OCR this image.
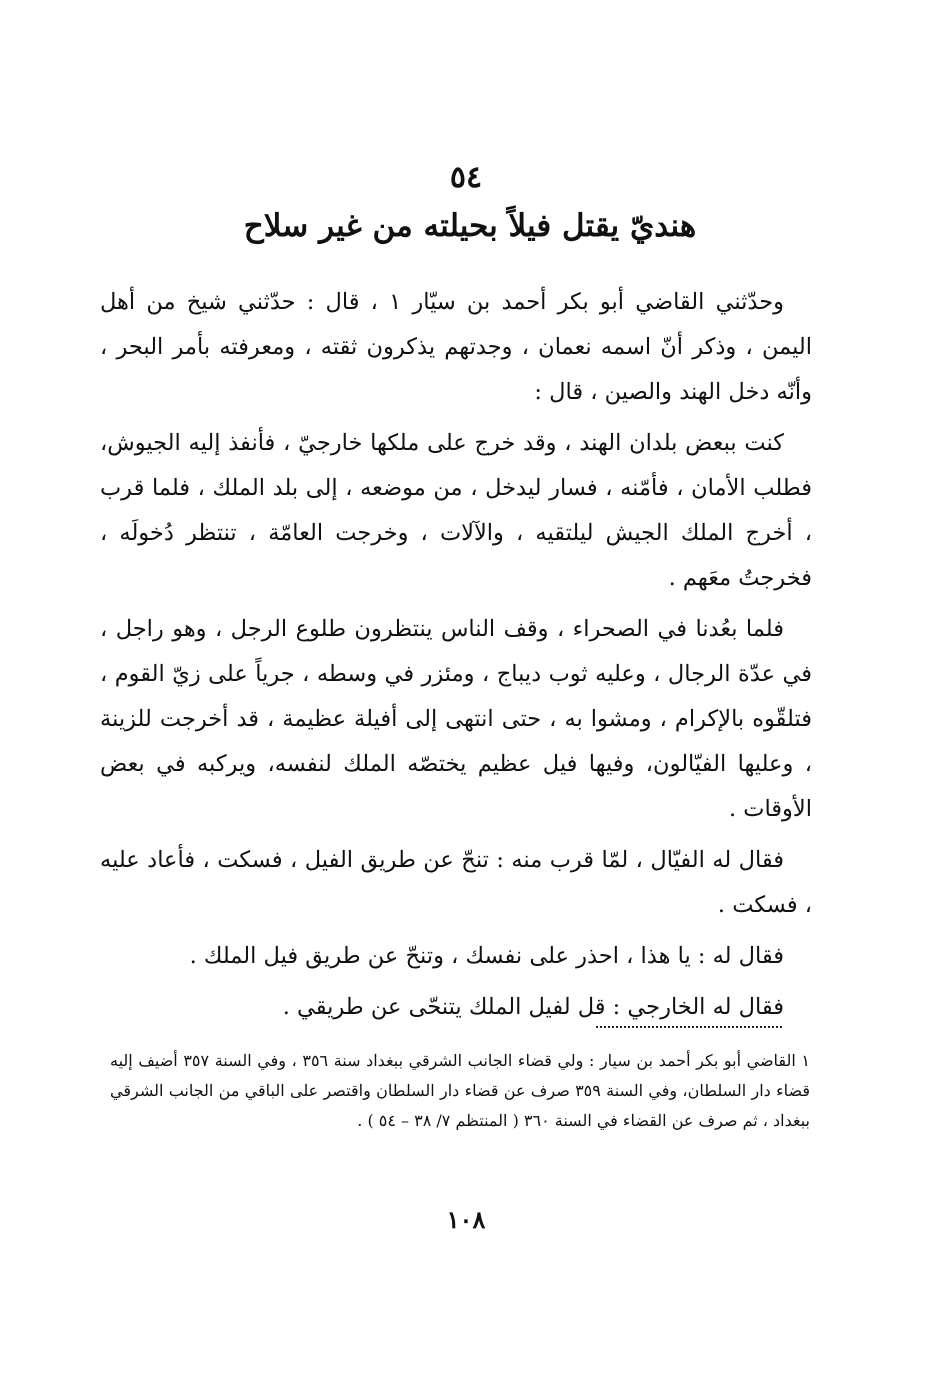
٥٤
هنديّ يقتل فيلاً بحيلته من غير سلاح

وحدّثني القاضي أبو بكر أحمد بن سيّار ١ ، قال : حدّثني شيخ من أهل اليمن ، وذكر أنّ اسمه نعمان ، وجدتهم يذكرون ثقته ، ومعرفته بأمر البحر ، وأنّه دخل الهند والصين ، قال :

كنت ببعض بلدان الهند ، وقد خرج على ملكها خارجيّ ، فأنفذ إليه الجيوش، فطلب الأمان ، فأمّنه ، فسار ليدخل ، من موضعه ، إلى بلد الملك ، فلما قرب ، أخرج الملك الجيش ليلتقيه ، والآلات ، وخرجت العامّة ، تنتظر دُخولَه ، فخرجتُ معَهم .

فلما بعُدنا في الصحراء ، وقف الناس ينتظرون طلوع الرجل ، وهو راجل ، في عدّة الرجال ، وعليه ثوب ديباج ، ومئزر في وسطه ، جرياً على زيّ القوم ، فتلقّوه بالإكرام ، ومشوا به ، حتى انتهى إلى أفيلة عظيمة ، قد أخرجت للزينة ، وعليها الفيّالون، وفيها فيل عظيم يختصّه الملك لنفسه، ويركبه في بعض الأوقات .

فقال له الفيّال ، لمّا قرب منه : تنحّ عن طريق الفيل ، فسكت ، فأعاد عليه ، فسكت .

فقال له : يا هذا ، احذر على نفسك ، وتنحّ عن طريق فيل الملك .

فقال له الخارجي : قل لفيل الملك يتنحّى عن طريقي .

١ القاضي أبو بكر أحمد بن سيار : ولي قضاء الجانب الشرقي ببغداد سنة ٣٥٦ ، وفي السنة ٣٥٧ أضيف إليه قضاء دار السلطان، وفي السنة ٣٥٩ صرف عن قضاء دار السلطان واقتصر على الباقي من الجانب الشرقي ببغداد ، ثم صرف عن القضاء في السنة ٣٦٠ ( المنتظم ٧/ ٣٨ – ٥٤ ) .
١٠٨
